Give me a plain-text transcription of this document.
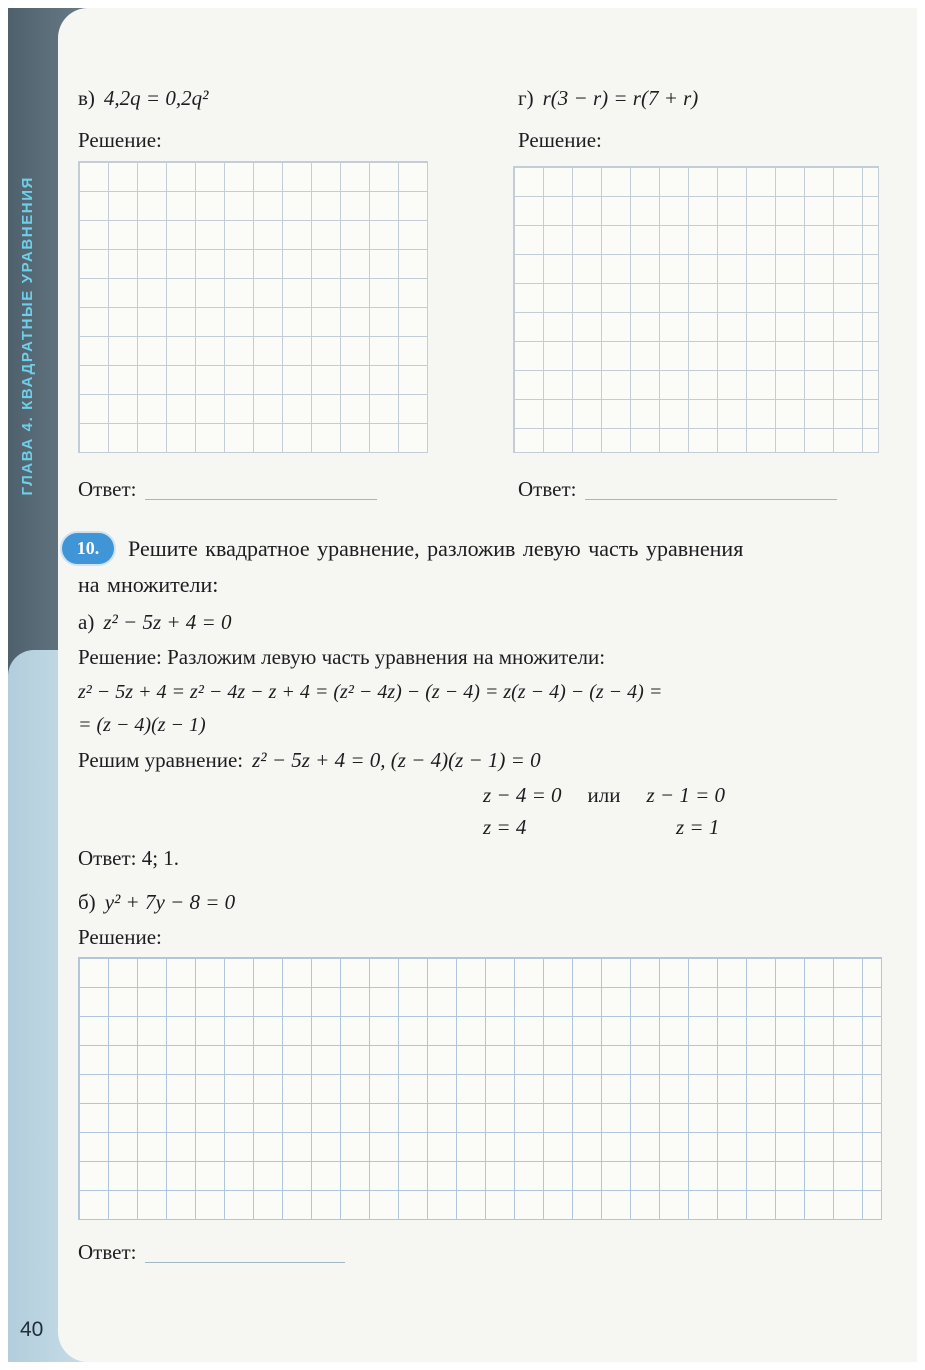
ГЛАВА 4. КВАДРАТНЫЕ УРАВНЕНИЯ
40
в) 4,2q = 0,2q²
Решение:
Ответ:
г) r(3 − r) = r(7 + r)
Решение:
Ответ:
10.	Решите квадратное уравнение, разложив левую часть уравнения
на множители:
а) z² − 5z + 4 = 0
Решение: Разложим левую часть уравнения на множители:
z² − 5z + 4 = z² − 4z − z + 4 = (z² − 4z) − (z − 4) = z(z − 4) − (z − 4) =
= (z − 4)(z − 1)
Решим уравнение: z² − 5z + 4 = 0, (z − 4)(z − 1) = 0
z − 4 = 0 или z − 1 = 0
z = 4	z = 1
Ответ: 4; 1.
б) y² + 7y − 8 = 0
Решение:
Ответ:
